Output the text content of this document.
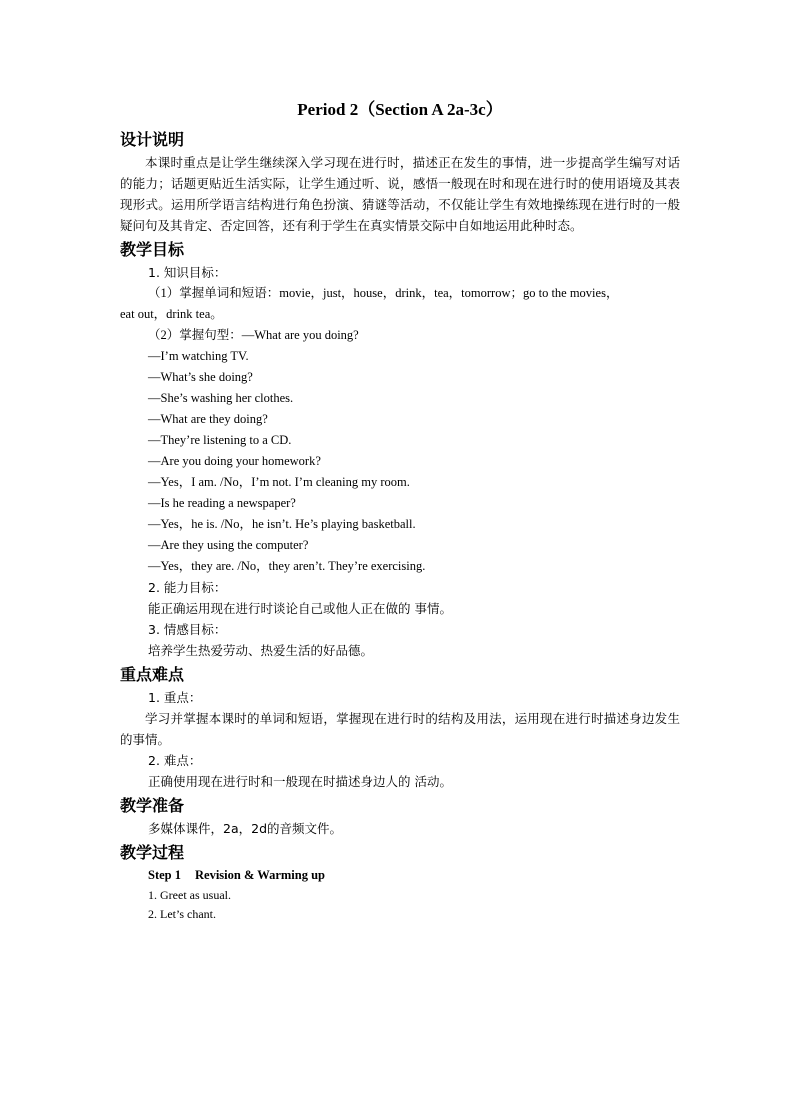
Period 2（Section A 2a-3c）
设计说明

本课时重点是让学生继续深入学习现在进行时，描述正在发生的事情，进一步提高学生编写对话的能力；话题更贴近生活实际，让学生通过听、说，感悟一般现在时和现在进行时的使用语境及其表现形式。运用所学语言结构进行角色扮演、猜谜等活动，不仅能让学生有效地操练现在进行时的一般疑问句及其肯定、否定回答，还有利于学生在真实情景交际中自如地运用此种时态。

教学目标
1. 知识目标：
（1）掌握单词和短语：movie，just，house，drink，tea，tomorrow；go to the movies，
eat out，drink tea。
（2）掌握句型：—What are you doing?
—I’m watching TV.
—What’s she doing?
—She’s washing her clothes.
—What are they doing?
—They’re listening to a CD.
—Are you doing your homework?
—Yes，I am. /No，I’m not. I’m cleaning my room.
—Is he reading a newspaper?
—Yes，he is. /No，he isn’t. He’s playing basketball.
—Are they using the computer?
—Yes，they are. /No，they aren’t. They’re exercising.
2. 能力目标：
能正确运用现在进行时谈论自己或他人正在做的 事情。
3. 情感目标：
培养学生热爱劳动、热爱生活的好品德。
重点难点
1. 重点：

学习并掌握本课时的单词和短语，掌握现在进行时的结构及用法，运用现在进行时描述身边发生的事情。

2. 难点：
正确使用现在进行时和一般现在时描述身边人的 活动。
教学准备
多媒体课件，2a，2d的音频文件。
教学过程
Step 1 Revision & Warming up
1. Greet as usual.
2. Let’s chant.
